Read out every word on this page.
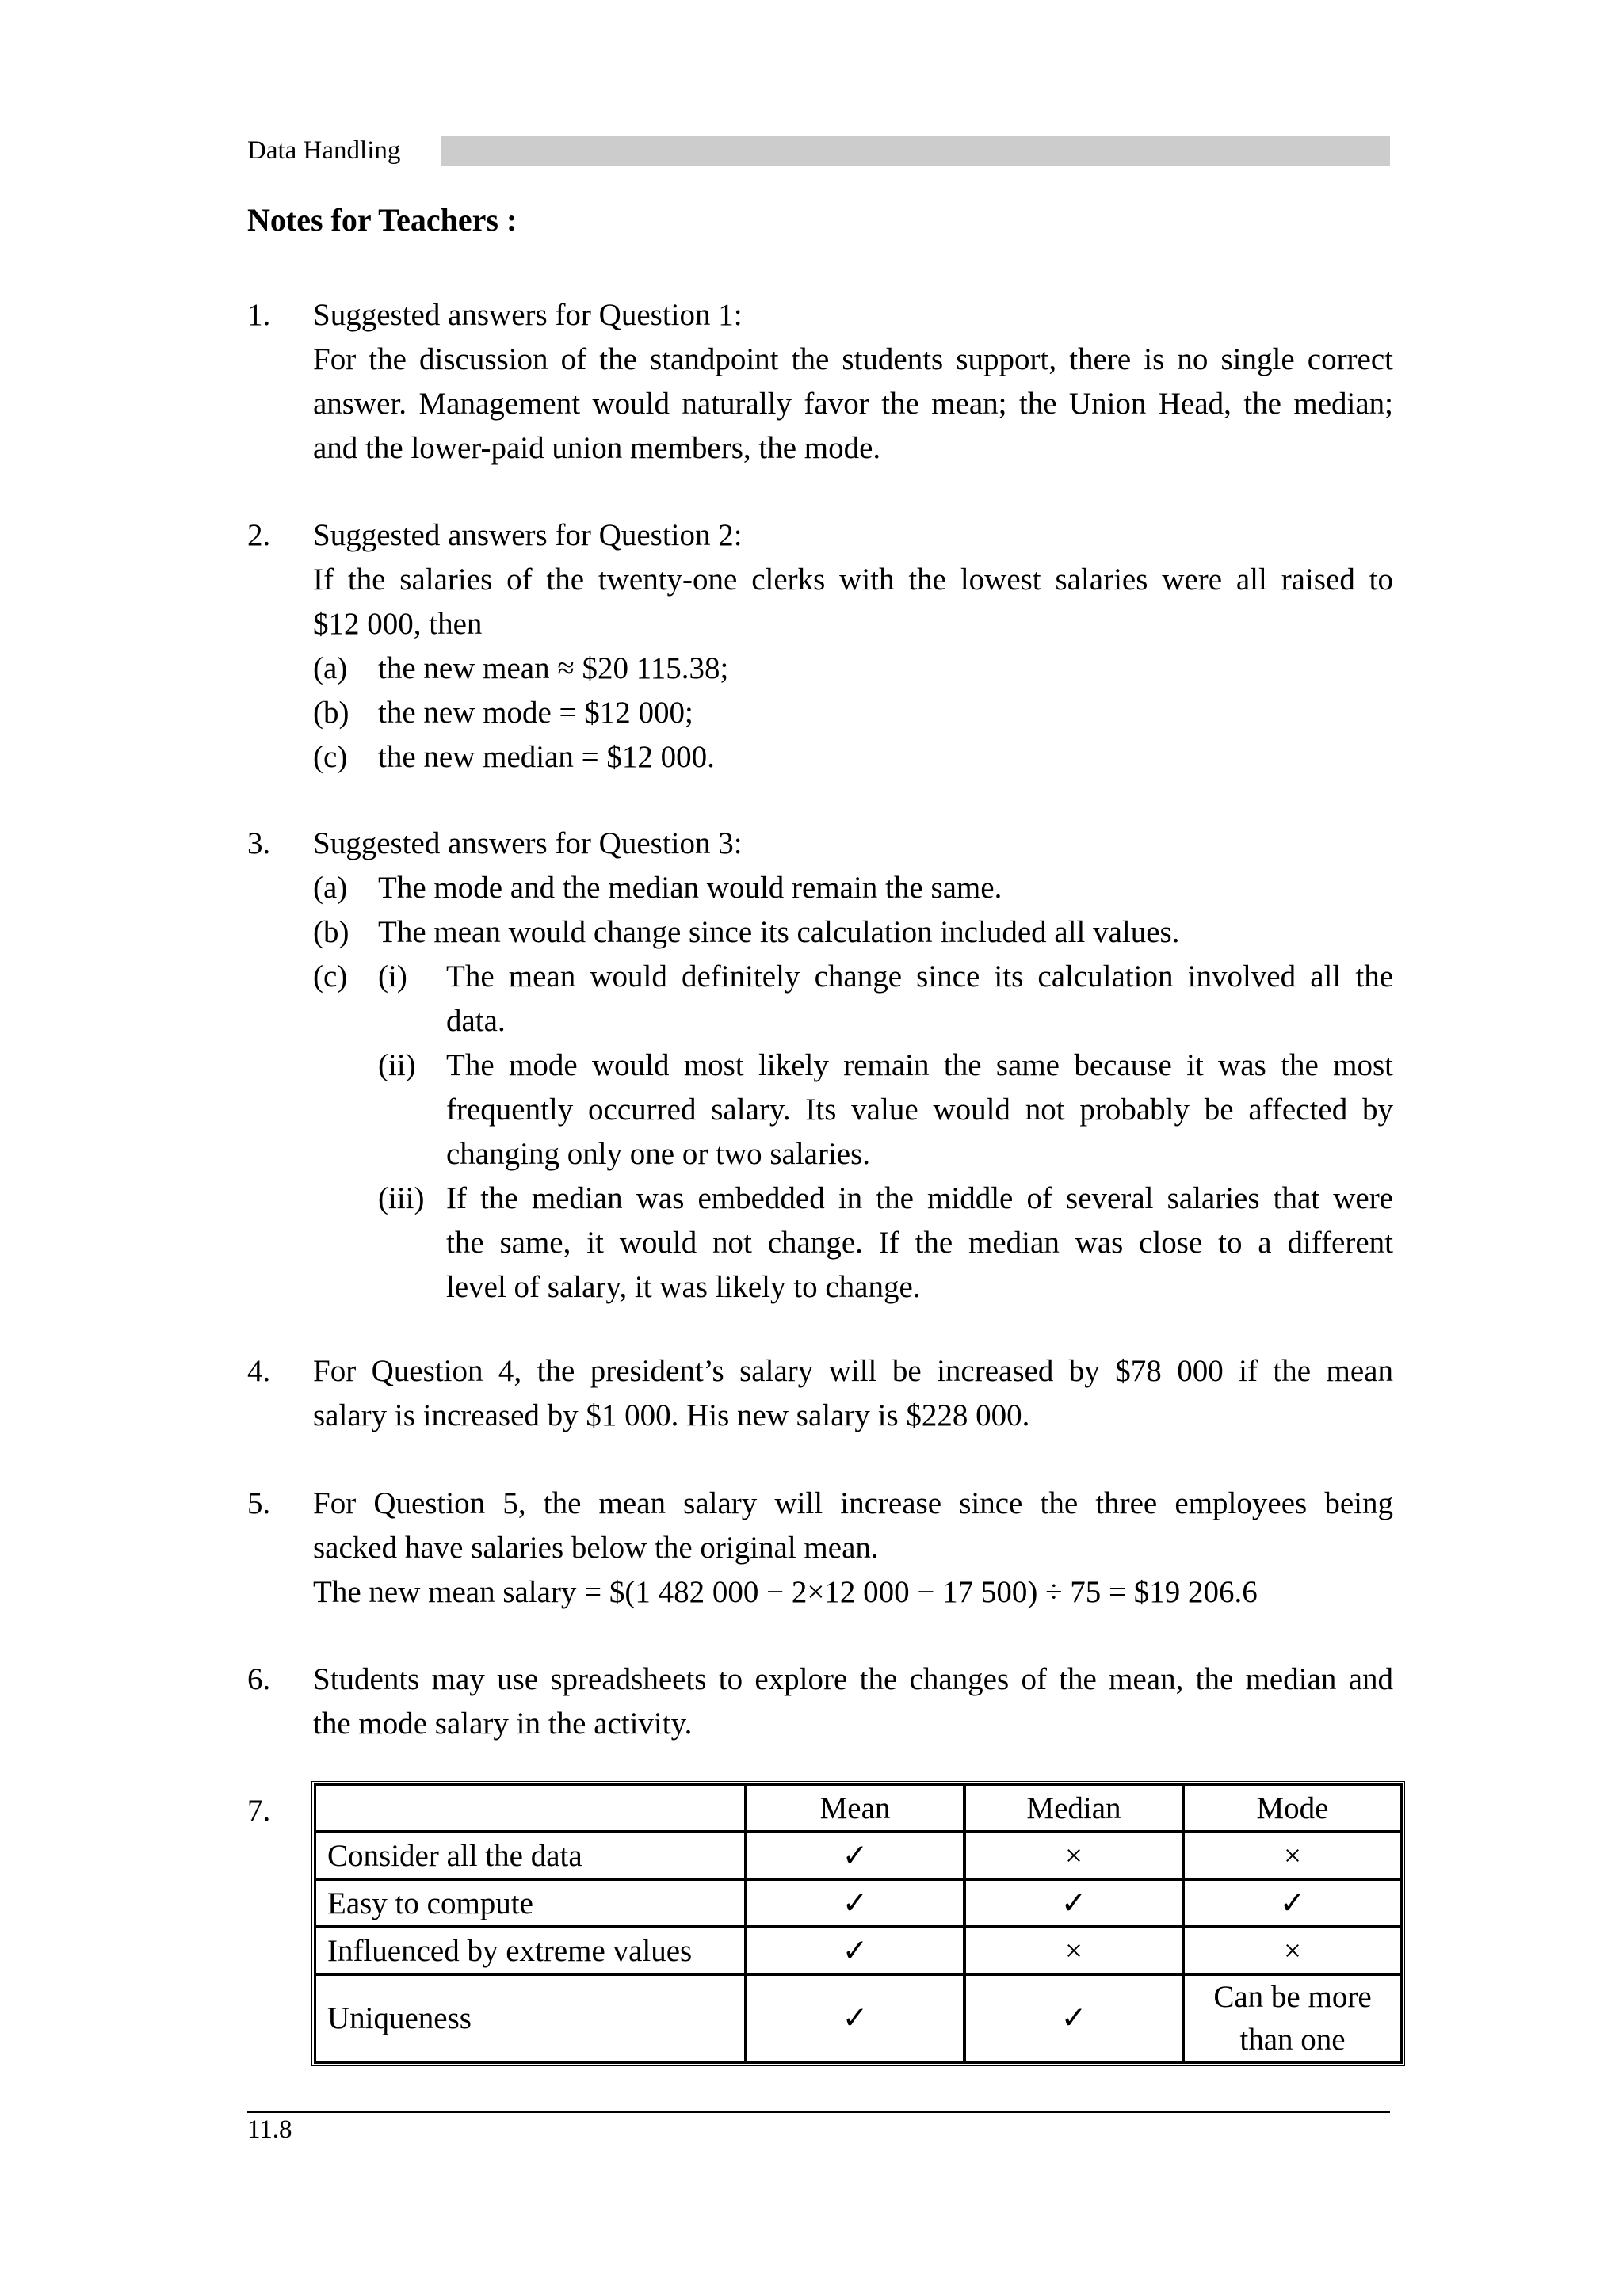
Data Handling
Notes for Teachers :
1. Suggested answers for Question 1:
For the discussion of the standpoint the students support, there is no single correct
answer. Management would naturally favor the mean; the Union Head, the median;
and the lower-paid union members, the mode.
2. Suggested answers for Question 2:
If the salaries of the twenty-one clerks with the lowest salaries were all raised to
$12 000, then
(a) the new mean ≈ $20 115.38;
(b) the new mode = $12 000;
(c) the new median = $12 000.
3. Suggested answers for Question 3:
(a) The mode and the median would remain the same.
(b) The mean would change since its calculation included all values.
(c) (i) The mean would definitely change since its calculation involved all the
data.
(ii) The mode would most likely remain the same because it was the most
frequently occurred salary. Its value would not probably be affected by
changing only one or two salaries.
(iii) If the median was embedded in the middle of several salaries that were
the same, it would not change. If the median was close to a different
level of salary, it was likely to change.
4. For Question 4, the president’s salary will be increased by $78 000 if the mean
salary is increased by $1 000. His new salary is $228 000.
5. For Question 5, the mean salary will increase since the three employees being
sacked have salaries below the original mean.
The new mean salary = $(1 482 000 − 2×12 000 − 17 500) ÷ 75 = $19 206.6
6. Students may use spreadsheets to explore the changes of the mean, the median and
the mode salary in the activity.
7.
		Mean	Median	Mode
Consider all the data	✓	×	×
Easy to compute	✓	✓	✓
Influenced by extreme values	✓	×	×
Uniqueness	✓	✓	Can be more
than one
11.8
